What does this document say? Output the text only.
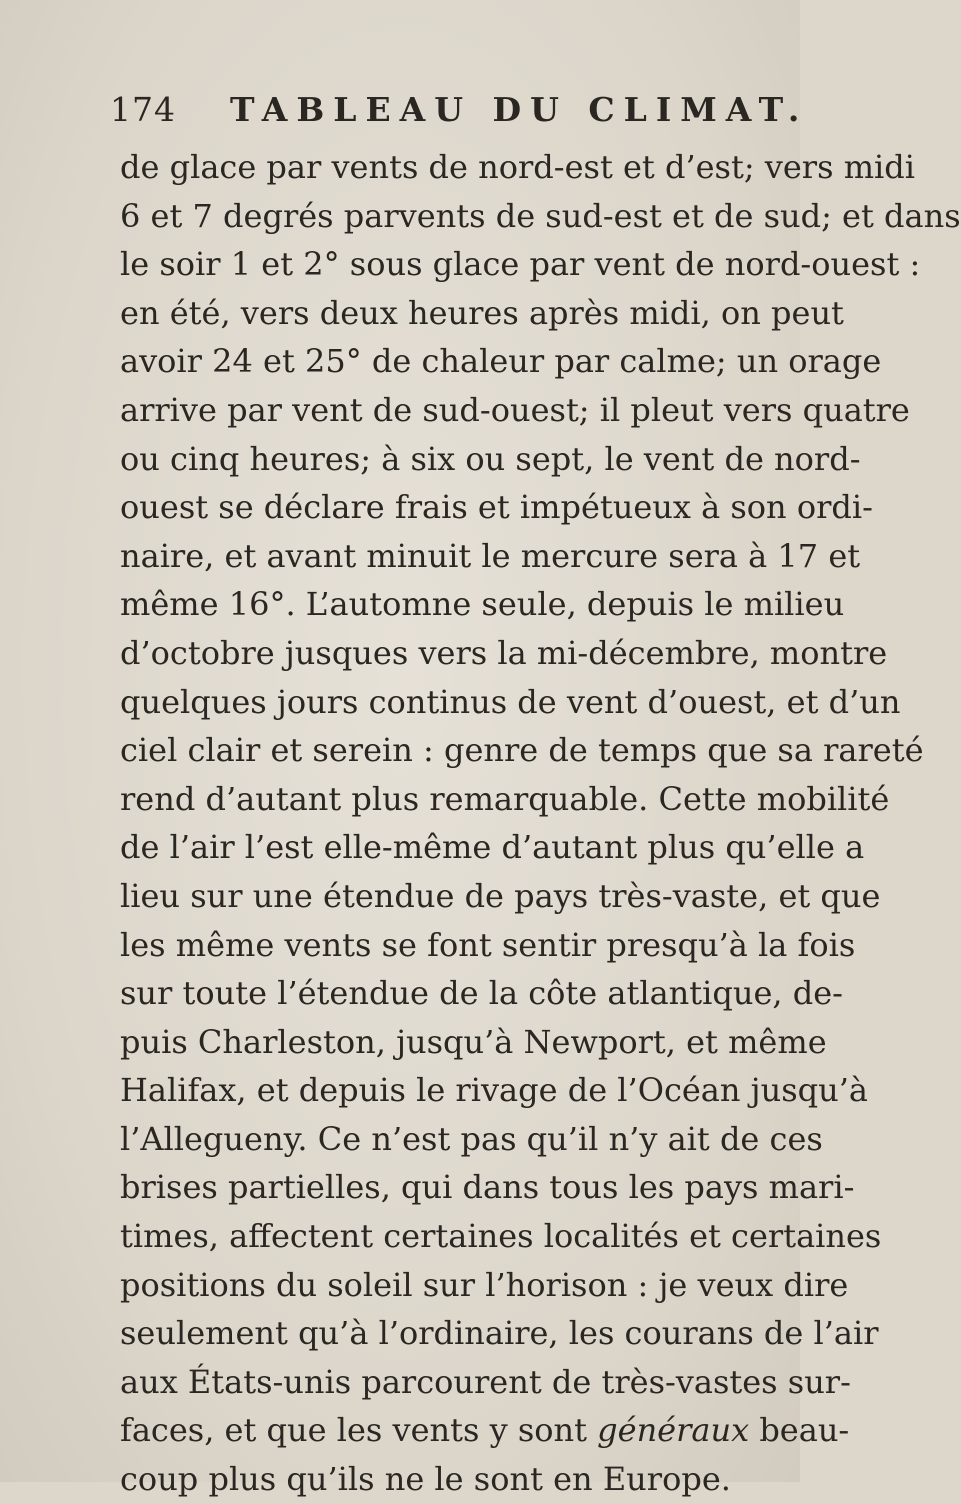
174 TABLEAU DU CLIMAT.
de glace par vents de nord-est et d’est; vers midi
6 et 7 degrés parvents de sud-est et de sud; et dans
le soir 1 et 2° sous glace par vent de nord-ouest :
en été, vers deux heures après midi, on peut
avoir 24 et 25° de chaleur par calme; un orage
arrive par vent de sud-ouest; il pleut vers quatre
ou cinq heures; à six ou sept, le vent de nord-
ouest se déclare frais et impétueux à son ordi-
naire, et avant minuit le mercure sera à 17 et
même 16°. L’automne seule, depuis le milieu
d’octobre jusques vers la mi-décembre, montre
quelques jours continus de vent d’ouest, et d’un
ciel clair et serein : genre de temps que sa rareté
rend d’autant plus remarquable. Cette mobilité
de l’air l’est elle-même d’autant plus qu’elle a
lieu sur une étendue de pays très-vaste, et que
les même vents se font sentir presqu’à la fois
sur toute l’étendue de la côte atlantique, de-
puis Charleston, jusqu’à Newport, et même
Halifax, et depuis le rivage de l’Océan jusqu’à
l’Allegueny. Ce n’est pas qu’il n’y ait de ces
brises partielles, qui dans tous les pays mari-
times, affectent certaines localités et certaines
positions du soleil sur l’horison : je veux dire
seulement qu’à l’ordinaire, les courans de l’air
aux États-unis parcourent de très-vastes sur-
faces, et que les vents y sont généraux beau-
coup plus qu’ils ne le sont en Europe.
